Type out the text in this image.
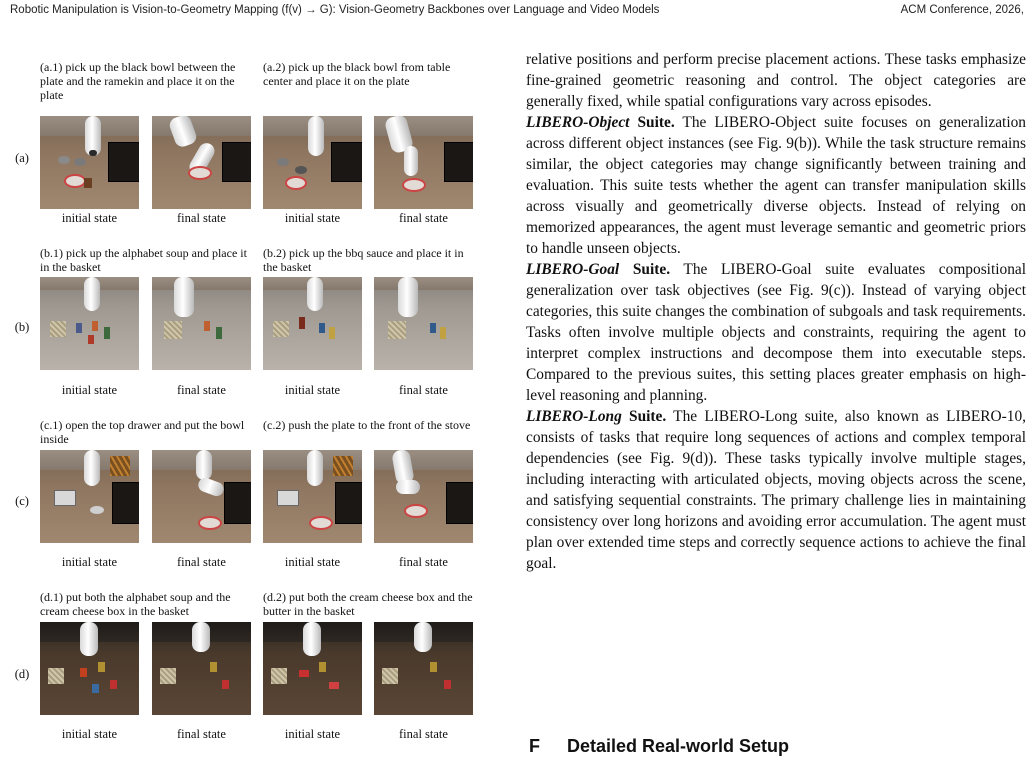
Robotic Manipulation is Vision-to-Geometry Mapping (f(v) → G): Vision-Geometry Backbones over Language and Video Models	ACM Conference, 2026,
(a)
(a.1) pick up the black bowl between the plate and the ramekin and place it on the plate
(a.2) pick up the black bowl from table center and place it on the plate
initial state	final state	initial state	final state
(b)
(b.1) pick up the alphabet soup and place it in the basket
(b.2) pick up the bbq sauce and place it in the basket
initial state	final state	initial state	final state
(c)
(c.1) open the top drawer and put the bowl inside
(c.2) push the plate to the front of the stove
initial state	final state	initial state	final state
(d)
(d.1) put both the alphabet soup and the cream cheese box in the basket
(d.2) put both the cream cheese box and the butter in the basket
initial state	final state	initial state	final state

relative positions and perform precise placement actions. These tasks emphasize fine-grained geometric reasoning and control. The object categories are generally fixed, while spatial configurations vary across episodes.

LIBERO-Object Suite. The LIBERO-Object suite focuses on generalization across different object instances (see Fig. 9(b)). While the task structure remains similar, the object categories may change significantly between training and evaluation. This suite tests whether the agent can transfer manipulation skills across visually and geometrically diverse objects. Instead of relying on memorized appearances, the agent must leverage semantic and geometric priors to handle unseen objects.

LIBERO-Goal Suite. The LIBERO-Goal suite evaluates compositional generalization over task objectives (see Fig. 9(c)). Instead of varying object categories, this suite changes the combination of subgoals and task requirements. Tasks often involve multiple objects and constraints, requiring the agent to interpret complex instructions and decompose them into executable steps. Compared to the previous suites, this setting places greater emphasis on high-level reasoning and planning.

LIBERO-Long Suite. The LIBERO-Long suite, also known as LIBERO-10, consists of tasks that require long sequences of actions and complex temporal dependencies (see Fig. 9(d)). These tasks typically involve multiple stages, including interacting with articulated objects, moving objects across the scene, and satisfying sequential constraints. The primary challenge lies in maintaining consistency over long horizons and avoiding error accumulation. The agent must plan over extended time steps and correctly sequence actions to achieve the final goal.

F Detailed Real-world Setup
